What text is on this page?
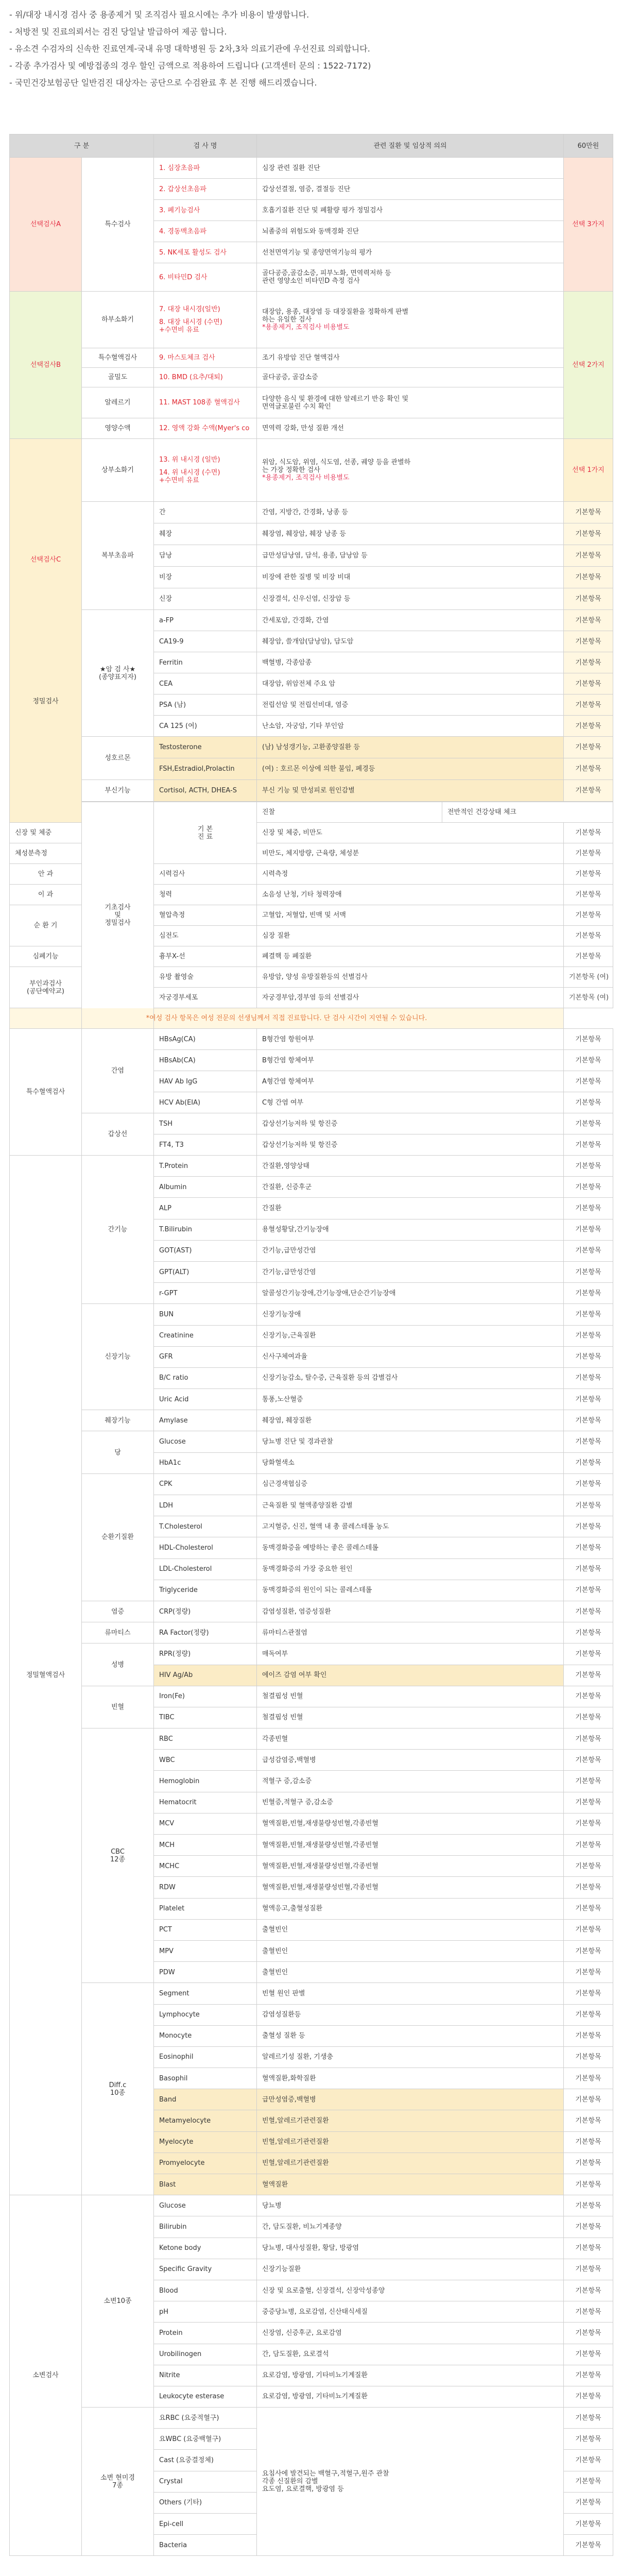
- 위/대장 내시경 검사 중 용종제거 및 조직검사 필요시에는 추가 비용이 발생합니다.

- 처방전 및 진료의뢰서는 검진 당일날 발급하여 제공 합니다.

- 유소견 수검자의 신속한 진료연계-국내 유명 대학병원 등 2차,3차 의료기관에 우선진료 의뢰합니다.

- 각종 추가검사 및 예방접종의 경우 할인 금액으로 적용하여 드립니다 (고객센터 문의 : 1522-7172)

- 국민건강보험공단 일반검진 대상자는 공단으로 수검완료 후 본 진행 해드리겠습니다.

구 분		검 사 명	관련 질환 및 임상적 의의		60만원	
선택검사A	특수검사	1. 심장초음파	심장 관련 질환 진단		선택 3가지	
		2. 갑상선초음파	갑상선결절, 염증, 결절등 진단			
		3. 폐기능검사	호흡기질환 진단 및 폐활량 평가 정밀검사			
		4. 경동맥초음파	뇌졸중의 위험도와 동맥경화 진단			
		5. NK세포 활성도 검사	선천면역기능 및 종양면역기능의 평가			
		6. 비타민D 검사	골다공증,골감소증, 피부노화, 면역력저하 등
관련 영양소인 비타민D 측정 검사			

선택검사B	하부소화기	7. 대장 내시경(일반)
8. 대장 내시경 (수면)
+수면비 유료	대장암, 용종, 대장염 등 대장질환을 정확하게 판별
하는 유일한 검사
*용종제거, 조직검사 비용별도		선택 2가지	
	특수혈액검사	9. 마스토체크 검사	조기 유방암 진단 혈액검사			
	골밀도	10. BMD (요추/대퇴)	골다공증, 골감소증			
	알레르기	11. MAST 108종 혈액검사	다양한 음식 및 환경에 대한 알레르기 반응 확인 및
면역글로불린 수치 확인			

	영양수액	12. 영액 강화 수액(Myer's co	면역력 강화, 만성 질환 개선			

선택검사C
정밀검사	상부소화기	13. 위 내시경 (일반)
14. 위 내시경 (수면)
+수면비 유료	위암, 식도암, 위염, 식도염, 선종, 궤양 등을 관별하
는 가장 정확한 검사
*용종제거, 조직검사 비용별도		선택 1가지	
	복부초음파	간	간염, 지방간, 간경화, 낭종 등		기본항목	
		췌장	췌장염, 췌장암, 췌장 낭종 등		기본항목	
		담낭	급만성담낭염, 담석, 용종, 담낭암 등		기본항목	
		비장	비장에 관한 질병 및 비장 비대		기본항목	
		신장	신장결석, 신우신염, 신장암 등		기본항목	

	★암 검 사★
(종양표지자)	a-FP	간세포암, 간경화, 간염		기본항목	
		CA19-9	췌장암, 쓸개암(담낭암), 담도암		기본항목	
		Ferritin	백혈병, 각종암종		기본항목	
		CEA	대장암, 위암전체 주요 암		기본항목	
		PSA (남)	전립선암 및 전립선비대, 염증		기본항목	
		CA 125 (여)	난소암, 자궁암, 기타 부인암		기본항목	
	성호르몬	Testosterone	(남) 남성갱기능, 고환종양질환 등		기본항목	
		FSH,Estradiol,Prolactin	(여) : 호르몬 이상에 의한 불임, 폐경등		기본항목	
	부신기능	Cortisol, ACTH, DHEA-S	부신 기능 및 만성피로 원인감별		기본항목	

	기초검사
및
정밀검사	기 본
진 료	진찰	전반적인 건강상태 체크	
신장 및 체중			신장 및 체중, 비만도		기본항목	
체성분측정			비만도, 체지방량, 근육량, 체성분		기본항목	
안 과		시력검사	시력측정		기본항목	
이 과		청력	소음성 난청, 기타 청력장애		기본항목	
순 환 기		혈압측정	고혈압, 저혈압, 빈맥 및 서맥		기본항목	
		심전도	심장 질환		기본항목	
심폐기능		흉부X-선	폐결핵 등 폐질환		기본항목	

부인과검사
(공단예약교)		유방 촬영술	유방암, 양성 유방질환등의 선별검사		기본항목 (여)	
		자궁경부세포	자궁경부암,경부염 등의 선별검사		기본항목 (여)	
*여성 검사 항목은 여성 전문의 선생님께서 직접 진료합니다. 단 검사 시간이 지연될 수 있습니다.						
특수혈액검사	간염	HBsAg(CA)	B형간염 항원여부		기본항목	
		HBsAb(CA)	B형간염 항체여부		기본항목	
		HAV Ab IgG	A형간염 항체여부		기본항목	
		HCV Ab(EIA)	C형 간염 여부		기본항목	
	갑상선	TSH	갑상선기능저하 및 항진증		기본항목	
		FT4, T3	갑상선기능저하 및 항진증		기본항목	
정밀혈액검사	간기능	T.Protein	간질환,영양상태		기본항목	
		Albumin	간질환, 신증후군		기본항목	
		ALP	간질환		기본항목	
		T.Bilirubin	용혈성황달,간기능장애		기본항목	
		GOT(AST)	간기능,급만성간염		기본항목	
		GPT(ALT)	간기능,급만성간염		기본항목	
		r-GPT	알콜성간기능장애,간기능장애,단순간기능장애		기본항목	
	신장기능	BUN	신장기능장애		기본항목	
		Creatinine	신장기능,근육질환		기본항목	
		GFR	신사구체여과율		기본항목	
		B/C ratio	신장기능감소, 탈수증, 근육질환 등의 감별검사		기본항목	
		Uric Acid	통풍,노산혈증		기본항목	
	췌장기능	Amylase	췌장염, 췌장질환		기본항목	
	당	Glucose	당뇨병 진단 및 경과관찰		기본항목	
		HbA1c	당화혈색소		기본항목	
	순환기질환	CPK	심근경색협심증		기본항목	
		LDH	근육질환 및 혈액종양질환 감별		기본항목	
		T.Cholesterol	고지혈증, 신진, 혈액 내 총 콜레스테롤 농도		기본항목	
		HDL-Cholesterol	동맥경화증을 예방하는 좋은 콜레스테롤		기본항목	
		LDL-Cholesterol	동맥경화증의 가장 중요한 원인		기본항목	
		Triglyceride	동맥경화증의 원인이 되는 콜레스테롤		기본항목	
	염증	CRP(정량)	감염성질환, 염증성질환		기본항목	
	류마티스	RA Factor(정량)	류마티스관절염		기본항목	
	성병	RPR(정량)	매독여부		기본항목	
		HIV Ag/Ab	에이즈 감염 여부 확인		기본항목	
	빈혈	Iron(Fe)	철결핍성 빈혈		기본항목	
		TIBC	철결핍성 빈혈		기본항목	

	CBC
12종	RBC	각종빈혈		기본항목	
		WBC	급성감염증,백혈병		기본항목	
		Hemoglobin	적혈구 증,감소증		기본항목	
		Hematocrit	빈혈증,적혈구 증,감소증		기본항목	
		MCV	혈액질환,빈혈,재생불량성빈혈,각종빈혈		기본항목	
		MCH	혈액질환,빈혈,재생불량성빈혈,각종빈혈		기본항목	
		MCHC	혈액질환,빈혈,재생불량성빈혈,각종빈혈		기본항목	
		RDW	혈액질환,빈혈,재생불량성빈혈,각종빈혈		기본항목	
		Platelet	혈액응고,출혈성질환		기본항목	
		PCT	출혈빈인		기본항목	
		MPV	출혈빈인		기본항목	
		PDW	출혈빈인		기본항목	

	Diff.c
10종	Segment	빈혈 원인 판별		기본항목	
		Lymphocyte	감염성질환등		기본항목	
		Monocyte	출혈성 질환 등		기본항목	
		Eosinophil	알레르기성 질환, 기생충		기본항목	
		Basophil	혈액질환,화학질환		기본항목	
		Band	급만성염증,백혈병		기본항목	
		Metamyelocyte	빈혈,알레르기관련질환		기본항목	
		Myelocyte	빈혈,알레르기관련질환		기본항목	
		Promyelocyte	빈혈,알레르기관련질환		기본항목	
		Blast	혈액질환		기본항목	
소변검사	소변10종	Glucose	당뇨병		기본항목	
		Bilirubin	간, 담도질환, 비뇨기계종양		기본항목	
		Ketone body	당뇨병, 대사성질환, 황달, 방광염		기본항목	
		Specific Gravity	신장기능질환		기본항목	
		Blood	신장 및 요로출혈, 신장결석, 신장악성종양		기본항목	
		pH	중증당뇨병, 요로감염, 신산태식세질		기본항목	
		Protein	신장염, 신증후군, 요로감염		기본항목	
		Urobilinogen	간, 담도질환, 요로결석		기본항목	
		Nitrite	요로감염, 방광염, 기타비뇨기계질환		기본항목	
		Leukocyte esterase	요로감염, 방광염, 기타비뇨기계질환		기본항목	

	소변 현미경
7종	요RBC (요중적혈구)	요침사에 발견되는 백혈구,적혈구,원주 관찰
각종 신질환의 감별
요도염, 요로결핵, 방광염 등		기본항목	
		요WBC (요중백혈구)			기본항목	
		Cast (요중결정체)			기본항목	
		Crystal			기본항목	
		Others (기타)			기본항목	
		Epi-cell			기본항목	
		Bacteria			기본항목	
